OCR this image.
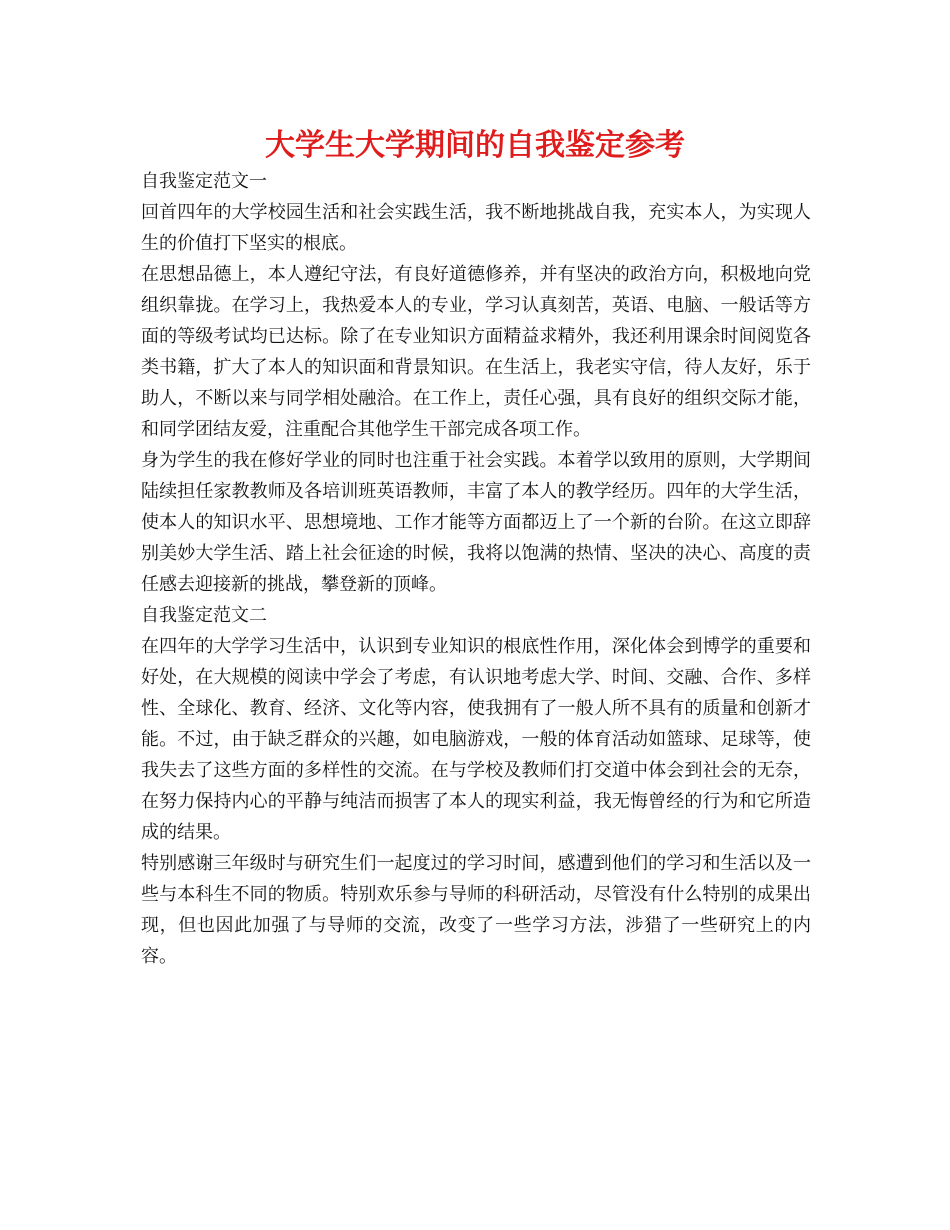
大学生大学期间的自我鉴定参考

自我鉴定范文一

回首四年的大学校园生活和社会实践生活，我不断地挑战自我，充实本人，为实现人生的价值打下坚实的根底。

在思想品德上，本人遵纪守法，有良好道德修养，并有坚决的政治方向，积极地向党组织靠拢。在学习上，我热爱本人的专业，学习认真刻苦，英语、电脑、一般话等方面的等级考试均已达标。除了在专业知识方面精益求精外，我还利用课余时间阅览各类书籍，扩大了本人的知识面和背景知识。在生活上，我老实守信，待人友好，乐于助人，不断以来与同学相处融洽。在工作上，责任心强，具有良好的组织交际才能，和同学团结友爱，注重配合其他学生干部完成各项工作。

身为学生的我在修好学业的同时也注重于社会实践。本着学以致用的原则，大学期间陆续担任家教教师及各培训班英语教师，丰富了本人的教学经历。四年的大学生活，使本人的知识水平、思想境地、工作才能等方面都迈上了一个新的台阶。在这立即辞别美妙大学生活、踏上社会征途的时候，我将以饱满的热情、坚决的决心、高度的责任感去迎接新的挑战，攀登新的顶峰。

自我鉴定范文二

在四年的大学学习生活中，认识到专业知识的根底性作用，深化体会到博学的重要和好处，在大规模的阅读中学会了考虑，有认识地考虑大学、时间、交融、合作、多样性、全球化、教育、经济、文化等内容，使我拥有了一般人所不具有的质量和创新才能。不过，由于缺乏群众的兴趣，如电脑游戏，一般的体育活动如篮球、足球等，使我失去了这些方面的多样性的交流。在与学校及教师们打交道中体会到社会的无奈，在努力保持内心的平静与纯洁而损害了本人的现实利益，我无悔曾经的行为和它所造成的结果。

特别感谢三年级时与研究生们一起度过的学习时间，感遭到他们的学习和生活以及一些与本科生不同的物质。特别欢乐参与导师的科研活动，尽管没有什么特别的成果出现，但也因此加强了与导师的交流，改变了一些学习方法，涉猎了一些研究上的内容。
